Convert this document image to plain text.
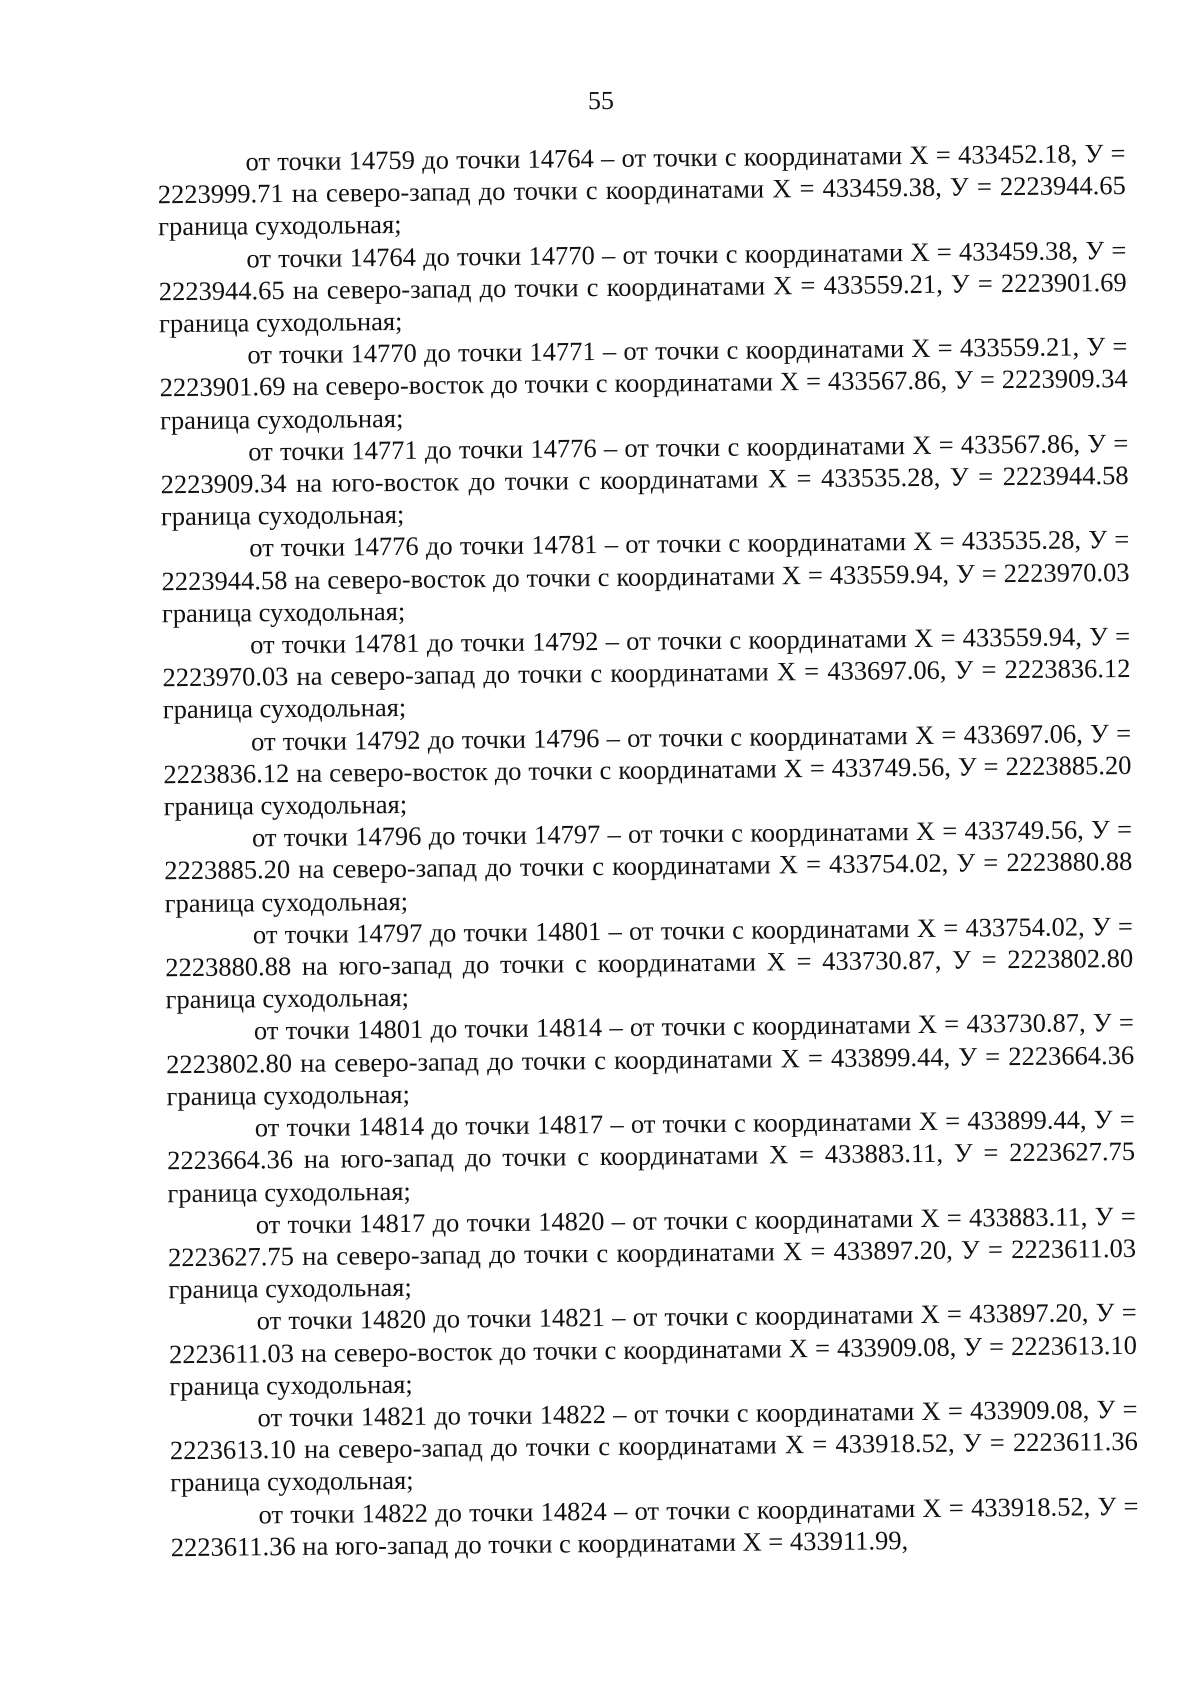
55

от точки 14759 до точки 14764 – от точки с координатами X = 433452.18, У = 2223999.71 на северо-запад до точки с координатами X = 433459.38, У = 2223944.65 граница суходольная;

от точки 14764 до точки 14770 – от точки с координатами X = 433459.38, У = 2223944.65 на северо-запад до точки с координатами X = 433559.21, У = 2223901.69 граница суходольная;

от точки 14770 до точки 14771 – от точки с координатами X = 433559.21, У = 2223901.69 на северо-восток до точки с координатами X = 433567.86, У = 2223909.34 граница суходольная;

от точки 14771 до точки 14776 – от точки с координатами X = 433567.86, У = 2223909.34 на юго-восток до точки с координатами X = 433535.28, У = 2223944.58 граница суходольная;

от точки 14776 до точки 14781 – от точки с координатами X = 433535.28, У = 2223944.58 на северо-восток до точки с координатами X = 433559.94, У = 2223970.03 граница суходольная;

от точки 14781 до точки 14792 – от точки с координатами X = 433559.94, У = 2223970.03 на северо-запад до точки с координатами X = 433697.06, У = 2223836.12 граница суходольная;

от точки 14792 до точки 14796 – от точки с координатами X = 433697.06, У = 2223836.12 на северо-восток до точки с координатами X = 433749.56, У = 2223885.20 граница суходольная;

от точки 14796 до точки 14797 – от точки с координатами X = 433749.56, У = 2223885.20 на северо-запад до точки с координатами X = 433754.02, У = 2223880.88 граница суходольная;

от точки 14797 до точки 14801 – от точки с координатами X = 433754.02, У = 2223880.88 на юго-запад до точки с координатами X = 433730.87, У = 2223802.80 граница суходольная;

от точки 14801 до точки 14814 – от точки с координатами X = 433730.87, У = 2223802.80 на северо-запад до точки с координатами X = 433899.44, У = 2223664.36 граница суходольная;

от точки 14814 до точки 14817 – от точки с координатами X = 433899.44, У = 2223664.36 на юго-запад до точки с координатами X = 433883.11, У = 2223627.75 граница суходольная;

от точки 14817 до точки 14820 – от точки с координатами X = 433883.11, У = 2223627.75 на северо-запад до точки с координатами X = 433897.20, У = 2223611.03 граница суходольная;

от точки 14820 до точки 14821 – от точки с координатами X = 433897.20, У = 2223611.03 на северо-восток до точки с координатами X = 433909.08, У = 2223613.10 граница суходольная;

от точки 14821 до точки 14822 – от точки с координатами X = 433909.08, У = 2223613.10 на северо-запад до точки с координатами X = 433918.52, У = 2223611.36 граница суходольная;

от точки 14822 до точки 14824 – от точки с координатами X = 433918.52, У = 2223611.36 на юго-запад до точки с координатами X = 433911.99,
